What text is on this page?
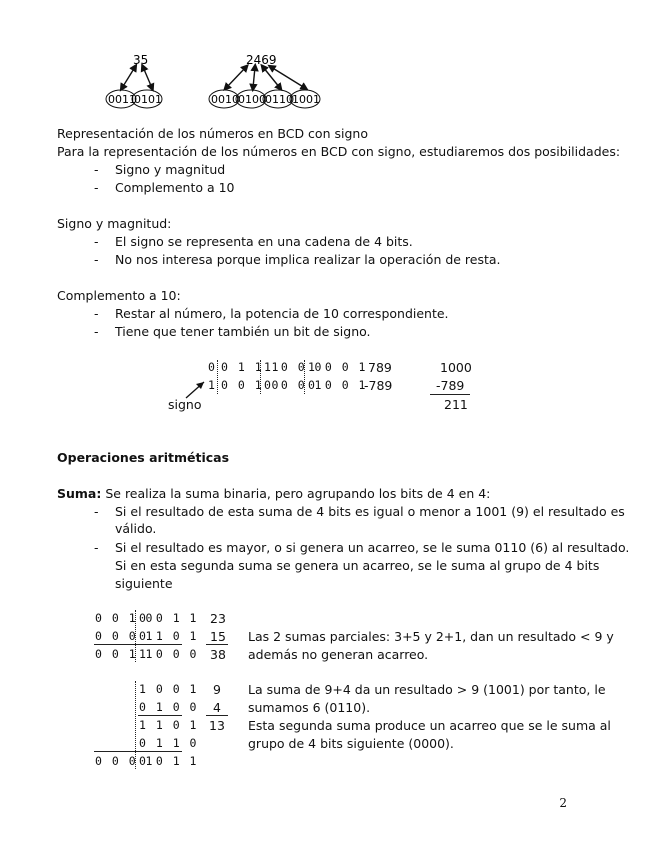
35
0011
0101
2469
0010 0100 0110 1001
Representación de los números en BCD con signo
Para la representación de los números en BCD con signo, estudiaremos dos posibilidades:
- Signo y magnitud
- Complemento a 10
Signo y magnitud:
- El signo se representa en una cadena de 4 bits.
- No nos interesa porque implica realizar la operación de resta.
Complemento a 10:
- Restar al número, la potencia de 10 correspondiente.
- Tiene que tener también un bit de signo.
0 0 1 1 1
1 0 0 0
1 0 0 1 789	1000
1 0 0 1 0
0 0 0 1
0 0 0 1
-789	-789
211
signo
Operaciones aritméticas
Suma: Se realiza la suma binaria, pero agrupando los bits de 4 en 4:
- Si el resultado de esta suma de 4 bits es igual o menor a 1001 (9) el resultado es
válido.
- Si el resultado es mayor, o si genera un acarreo, se le suma 0110 (6) al resultado.
Si en esta segunda suma se genera un acarreo, se le suma al grupo de 4 bits
siguiente
0 0 1 0
0 0 1 1 23
0 0 0 1
0 1 0 1 15
0 0 1 1
1 0 0 0 38
Las 2 sumas parciales: 3+5 y 2+1, dan un resultado < 9 y
además no generan acarreo.
1 0 0 1 9
0 1 0 0 4
1 1 0 1 13
0 1 1 0
0 0 0 1
0 0 1 1
La suma de 9+4 da un resultado > 9 (1001) por tanto, le
sumamos 6 (0110).
Esta segunda suma produce un acarreo que se le suma al
grupo de 4 bits siguiente (0000).
2
